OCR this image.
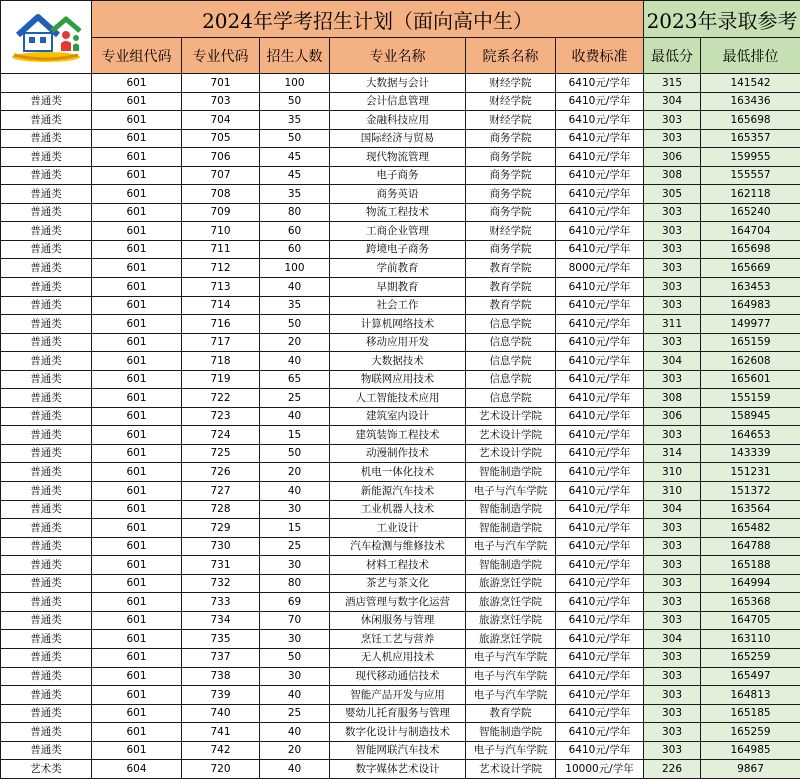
	2024年学考招生计划（面向高中生）						2023年录取参考	
	专业组代码	专业代码	招生人数	专业名称	院系名称	收费标准	最低分	最低排位
	601	701	100	大数据与会计	财经学院	6410元/学年	315	141542
普通类	601	703	50	会计信息管理	财经学院	6410元/学年	304	163436
普通类	601	704	35	金融科技应用	财经学院	6410元/学年	303	165698
普通类	601	705	50	国际经济与贸易	商务学院	6410元/学年	303	165357
普通类	601	706	45	现代物流管理	商务学院	6410元/学年	306	159955
普通类	601	707	45	电子商务	商务学院	6410元/学年	308	155557
普通类	601	708	35	商务英语	商务学院	6410元/学年	305	162118
普通类	601	709	80	物流工程技术	商务学院	6410元/学年	303	165240
普通类	601	710	60	工商企业管理	财经学院	6410元/学年	303	164704
普通类	601	711	60	跨境电子商务	商务学院	6410元/学年	303	165698
普通类	601	712	100	学前教育	教育学院	8000元/学年	303	165669
普通类	601	713	40	早期教育	教育学院	6410元/学年	303	163453
普通类	601	714	35	社会工作	教育学院	6410元/学年	303	164983
普通类	601	716	50	计算机网络技术	信息学院	6410元/学年	311	149977
普通类	601	717	20	移动应用开发	信息学院	6410元/学年	303	165159
普通类	601	718	40	大数据技术	信息学院	6410元/学年	304	162608
普通类	601	719	65	物联网应用技术	信息学院	6410元/学年	303	165601
普通类	601	722	25	人工智能技术应用	信息学院	6410元/学年	308	155159
普通类	601	723	40	建筑室内设计	艺术设计学院	6410元/学年	306	158945
普通类	601	724	15	建筑装饰工程技术	艺术设计学院	6410元/学年	303	164653
普通类	601	725	50	动漫制作技术	艺术设计学院	6410元/学年	314	143339
普通类	601	726	20	机电一体化技术	智能制造学院	6410元/学年	310	151231
普通类	601	727	40	新能源汽车技术	电子与汽车学院	6410元/学年	310	151372
普通类	601	728	30	工业机器人技术	智能制造学院	6410元/学年	304	163564
普通类	601	729	15	工业设计	智能制造学院	6410元/学年	303	165482
普通类	601	730	25	汽车检测与维修技术	电子与汽车学院	6410元/学年	303	164788
普通类	601	731	30	材料工程技术	智能制造学院	6410元/学年	303	165188
普通类	601	732	80	茶艺与茶文化	旅游烹饪学院	6410元/学年	303	164994
普通类	601	733	69	酒店管理与数字化运营	旅游烹饪学院	6410元/学年	303	165368
普通类	601	734	70	休闲服务与管理	旅游烹饪学院	6410元/学年	303	164705
普通类	601	735	30	烹饪工艺与营养	旅游烹饪学院	6410元/学年	304	163110
普通类	601	737	50	无人机应用技术	电子与汽车学院	6410元/学年	303	165259
普通类	601	738	30	现代移动通信技术	电子与汽车学院	6410元/学年	303	165497
普通类	601	739	40	智能产品开发与应用	电子与汽车学院	6410元/学年	303	164813
普通类	601	740	25	婴幼儿托育服务与管理	教育学院	6410元/学年	303	165185
普通类	601	741	40	数字化设计与制造技术	智能制造学院	6410元/学年	303	165259
普通类	601	742	20	智能网联汽车技术	电子与汽车学院	6410元/学年	303	164985
艺术类	604	720	40	数字媒体艺术设计	艺术设计学院	10000元/学年	226	9867
